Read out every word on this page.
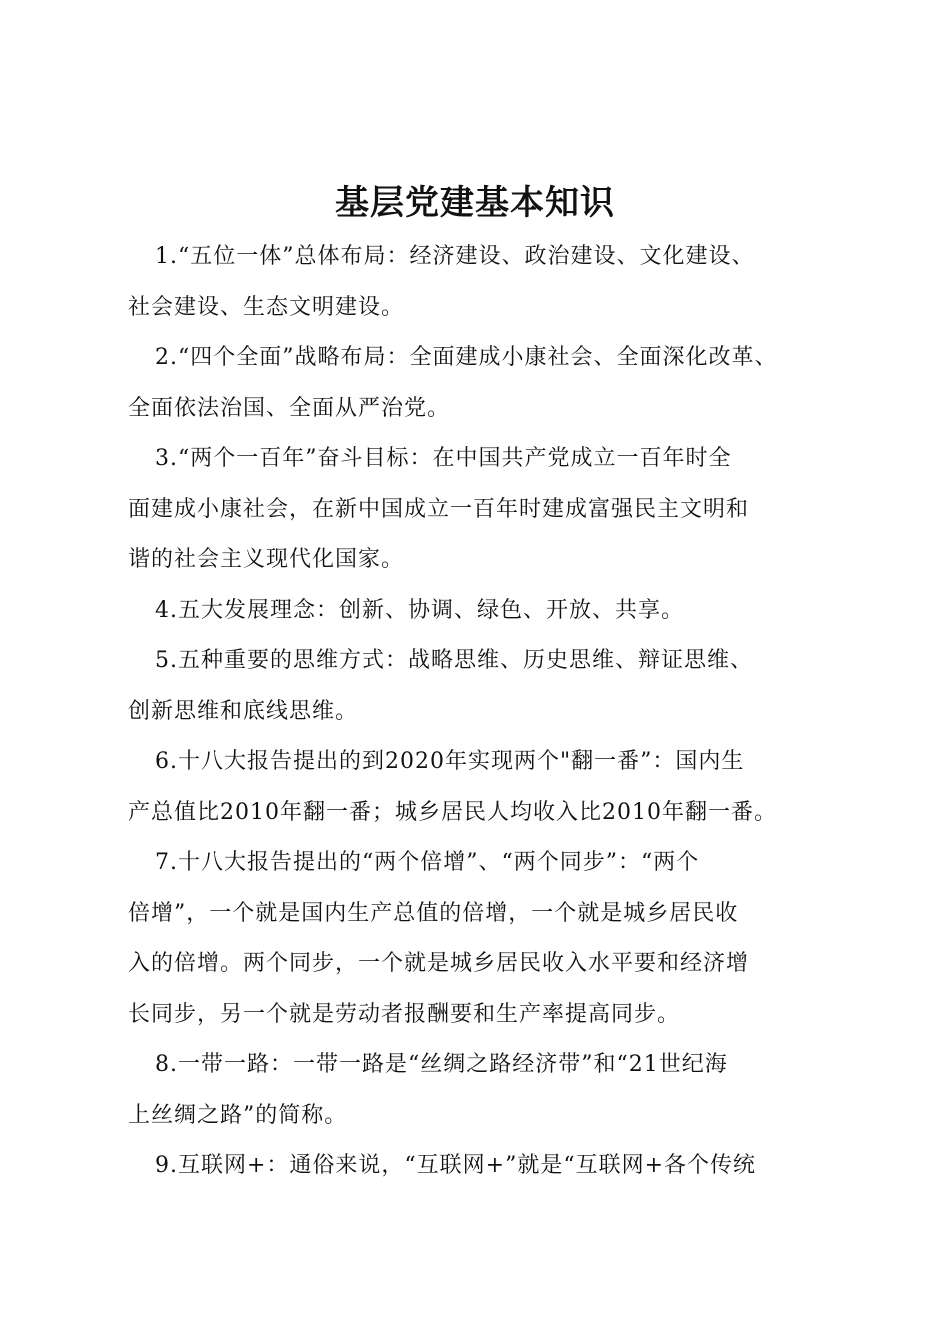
基层党建基本知识
1.“五位一体”总体布局：经济建设、政治建设、文化建设、
社会建设、生态文明建设。
2.“四个全面”战略布局：全面建成小康社会、全面深化改革、
全面依法治国、全面从严治党。
3.“两个一百年”奋斗目标：在中国共产党成立一百年时全
面建成小康社会，在新中国成立一百年时建成富强民主文明和
谐的社会主义现代化国家。
4.五大发展理念：创新、协调、绿色、开放、共享。
5.五种重要的思维方式：战略思维、历史思维、辩证思维、
创新思维和底线思维。
6.十八大报告提出的到2020年实现两个"翻一番”：国内生
产总值比2010年翻一番；城乡居民人均收入比2010年翻一番。
7.十八大报告提出的“两个倍增”、“两个同步”：“两个
倍增”，一个就是国内生产总值的倍增，一个就是城乡居民收
入的倍增。两个同步，一个就是城乡居民收入水平要和经济增
长同步，另一个就是劳动者报酬要和生产率提高同步。
8.一带一路：一带一路是“丝绸之路经济带”和“21世纪海
上丝绸之路”的简称。
9.互联网+：通俗来说，“互联网+”就是“互联网+各个传统
